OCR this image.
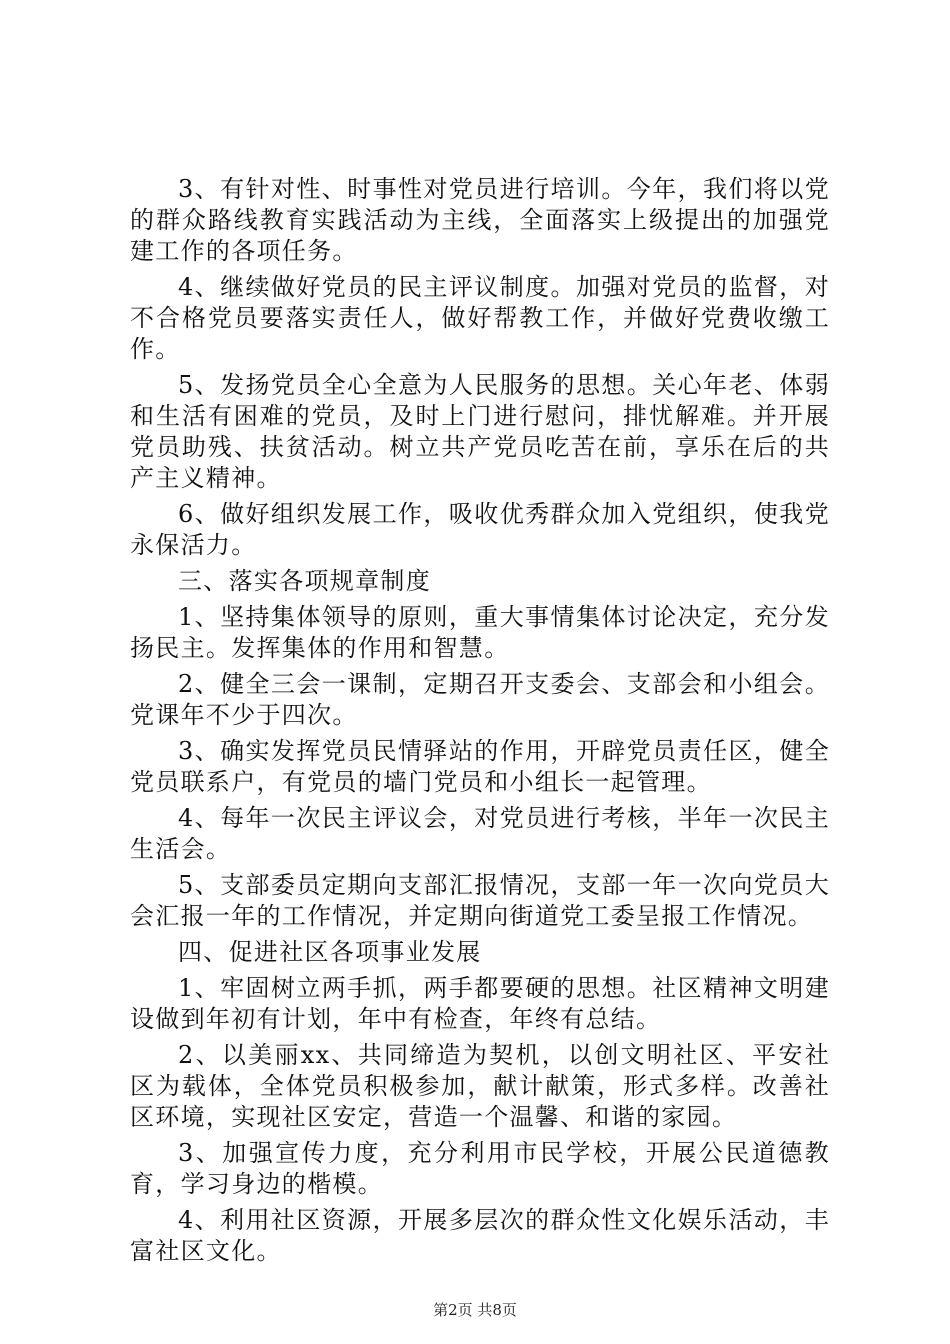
3、有针对性、时事性对党员进行培训。今年，我们将以党的群众路线教育实践活动为主线，全面落实上级提出的加强党建工作的各项任务。

4、继续做好党员的民主评议制度。加强对党员的监督，对不合格党员要落实责任人，做好帮教工作，并做好党费收缴工作。

5、发扬党员全心全意为人民服务的思想。关心年老、体弱和生活有困难的党员，及时上门进行慰问，排忧解难。并开展党员助残、扶贫活动。树立共产党员吃苦在前，享乐在后的共产主义精神。

6、做好组织发展工作，吸收优秀群众加入党组织，使我党永保活力。

三、落实各项规章制度

1、坚持集体领导的原则，重大事情集体讨论决定，充分发扬民主。发挥集体的作用和智慧。

2、健全三会一课制，定期召开支委会、支部会和小组会。党课年不少于四次。

3、确实发挥党员民情驿站的作用，开辟党员责任区，健全党员联系户，有党员的墙门党员和小组长一起管理。

4、每年一次民主评议会，对党员进行考核，半年一次民主生活会。

5、支部委员定期向支部汇报情况，支部一年一次向党员大会汇报一年的工作情况，并定期向街道党工委呈报工作情况。

四、促进社区各项事业发展

1、牢固树立两手抓，两手都要硬的思想。社区精神文明建设做到年初有计划，年中有检查，年终有总结。

2、以美丽xx、共同缔造为契机，以创文明社区、平安社区为载体，全体党员积极参加，献计献策，形式多样。改善社区环境，实现社区安定，营造一个温馨、和谐的家园。

3、加强宣传力度，充分利用市民学校，开展公民道德教育，学习身边的楷模。

4、利用社区资源，开展多层次的群众性文化娱乐活动，丰富社区文化。

第2页 共8页
